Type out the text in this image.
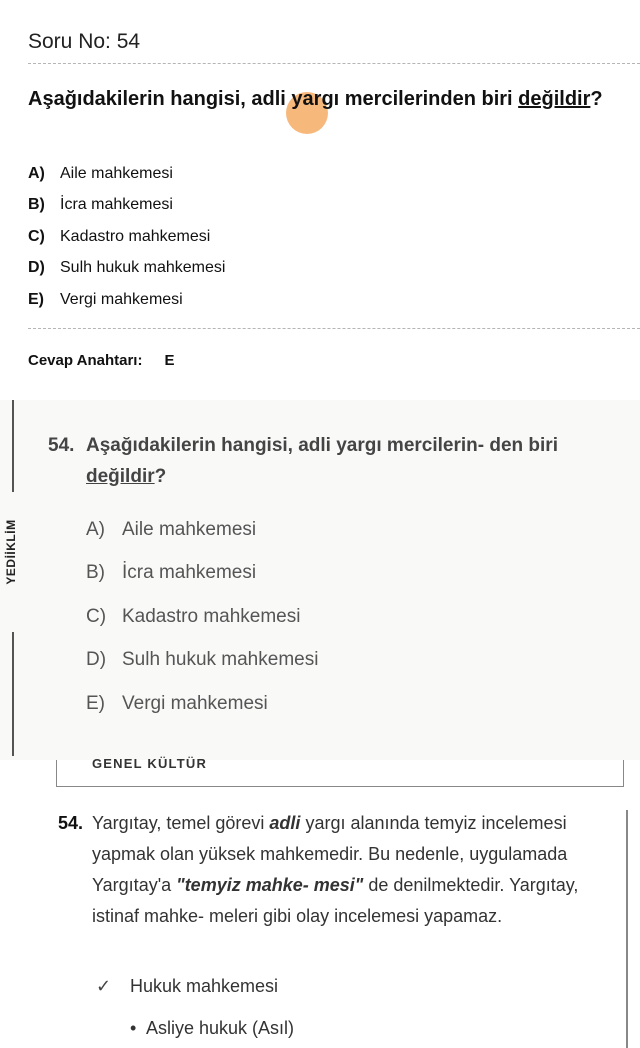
Soru No: 54
Aşağıdakilerin hangisi, adli yargı mercilerinden biri değildir?
A) Aile mahkemesi
B) İcra mahkemesi
C) Kadastro mahkemesi
D) Sulh hukuk mahkemesi
E)	Vergi mahkemesi
Cevap Anahtarı: E
YEDİİKLİM
54. Aşağıdakilerin hangisi, adli yargı mercilerin- den biri değildir?
A) Aile mahkemesi
B) İcra mahkemesi
C) Kadastro mahkemesi
D) Sulh hukuk mahkemesi
E) Vergi mahkemesi
GENEL KÜLTÜR
54. Yargıtay, temel görevi adli yargı alanında temyiz incelemesi yapmak olan yüksek mahkemedir. Bu nedenle, uygulamada Yargıtay'a "temyiz mahke- mesi" de denilmektedir. Yargıtay, istinaf mahke- meleri gibi olay incelemesi yapamaz.
✓	Hukuk mahkemesi
• Asliye hukuk (Asıl)
